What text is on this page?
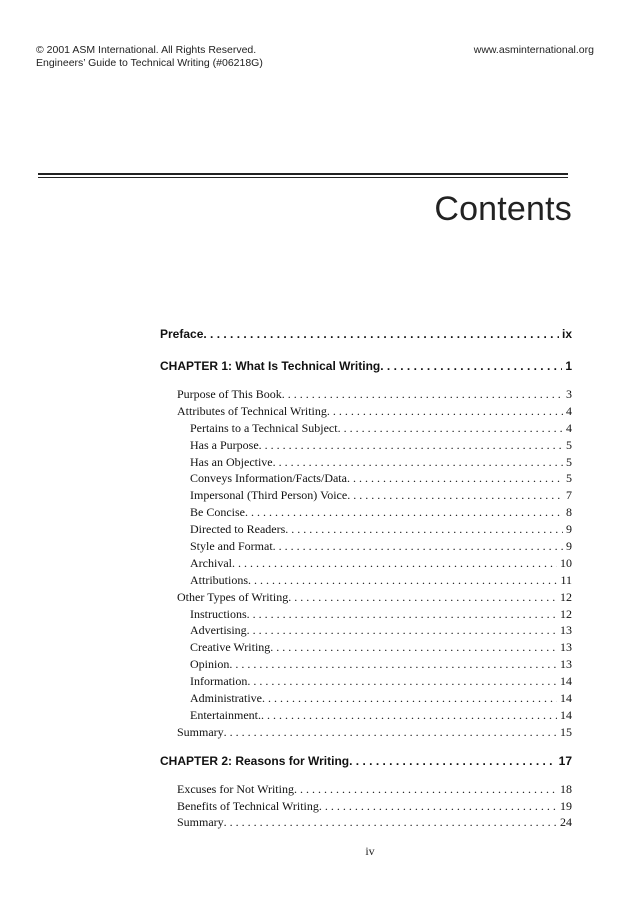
© 2001 ASM International. All Rights Reserved.
Engineers’ Guide to Technical Writing (#06218G)
www.asminternational.org
Contents
Preface . . .	ix
CHAPTER 1: What Is Technical Writing . . .	1
Purpose of This Book . . .	3
Attributes of Technical Writing . . .	4
Pertains to a Technical Subject . . .	4
Has a Purpose . . .	5
Has an Objective . . .	5
Conveys Information/Facts/Data . . .	5
Impersonal (Third Person) Voice . . .	7
Be Concise . . .	8
Directed to Readers . . .	9
Style and Format . . .	9
Archival . . .	10
Attributions . . .	11
Other Types of Writing . . .	12
Instructions . . .	12
Advertising . . .	13
Creative Writing . . .	13
Opinion . . .	13
Information . . .	14
Administrative . . .	14
Entertainment. . . .	14
Summary . . .	15
CHAPTER 2: Reasons for Writing . . .	17
Excuses for Not Writing . . .	18
Benefits of Technical Writing . . .	19
Summary . . .	24
iv
